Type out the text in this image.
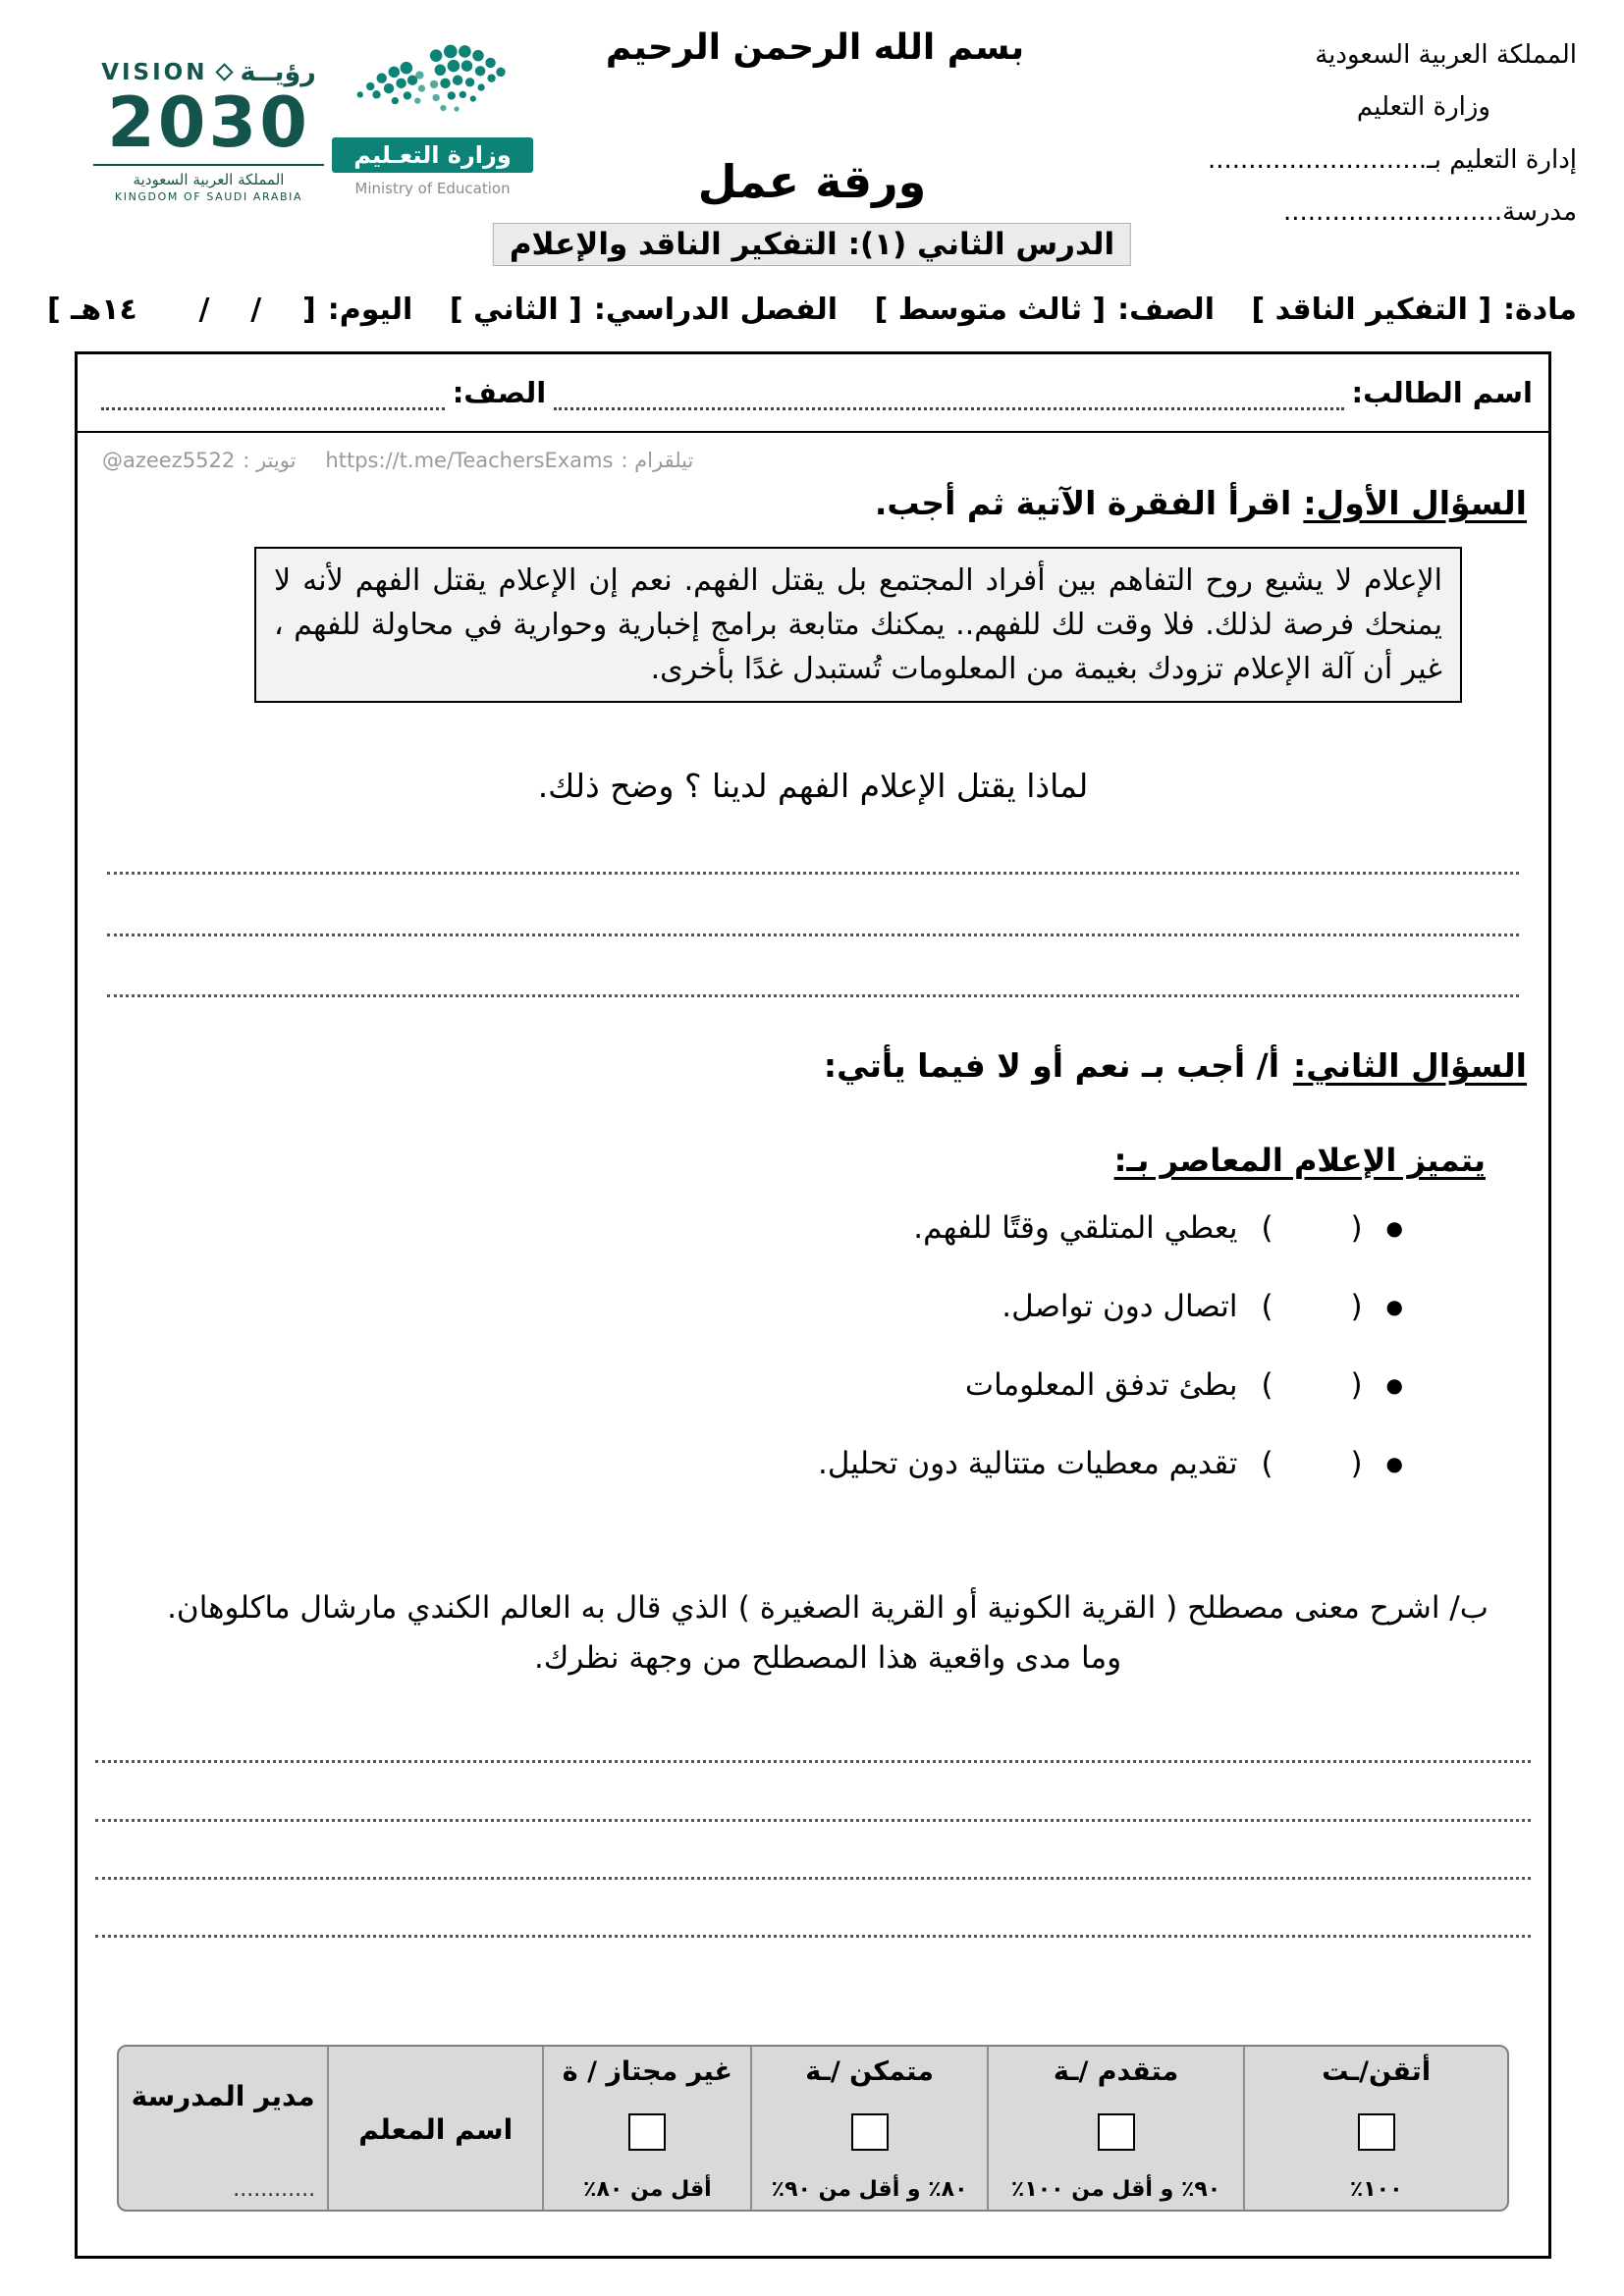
المملكة العربية السعودية
وزارة التعليم
إدارة التعليم بـ...........................
مدرسة...........................
بسم الله الرحمن الرحيم
VISION رؤيــة
2030
المملكة العربية السعودية
KINGDOM OF SAUDI ARABIA
وزارة التعـليم
Ministry of Education	ورقة عمل
الدرس الثاني (١): التفكير الناقد والإعلام
مادة:
[ التفكير الناقد ]
الصف:
[ ثالث متوسط ]
الفصل الدراسي:
[ الثاني ]
اليوم:
[    /    /      ١٤هـ ]
اسم الطالب:
الصف:
تيلقرام :
https://t.me/TeachersExams
تويتر :
@azeez5522
السؤال الأول:
اقرأ الفقرة الآتية ثم أجب.
الإعلام لا يشيع روح التفاهم بين أفراد المجتمع بل يقتل الفهم. نعم إن الإعلام يقتل الفهم لأنه لا يمنحك فرصة لذلك. فلا وقت لك للفهم.. يمكنك متابعة برامج إخبارية وحوارية في محاولة للفهم ، غير أن آلة الإعلام تزودك بغيمة من المعلومات تُستبدل غدًا بأخرى.
لماذا يقتل الإعلام الفهم لدينا ؟ وضح ذلك.
السؤال الثاني:
أ/ أجب بـ نعم أو لا فيما يأتي:
يتميز الإعلام المعاصر بـ:
●
(        )
يعطي المتلقي وقتًا للفهم.
●
(        )
اتصال دون تواصل.
●
(        )
بطئ تدفق المعلومات
●
(        )
تقديم معطيات متتالية دون تحليل.
ب/ اشرح معنى مصطلح ( القرية الكونية أو القرية الصغيرة ) الذي قال به العالم الكندي مارشال ماكلوهان. وما مدى واقعية هذا المصطلح من وجهة نظرك.
أتقن/ـت
١٠٠٪
متقدم /ـة
٩٠٪ و أقل من ١٠٠٪
متمكن /ـة
٨٠٪ و أقل من ٩٠٪
غير مجتاز / ة
أقل من ٨٠٪
اسم المعلم
مدير المدرسة
............
